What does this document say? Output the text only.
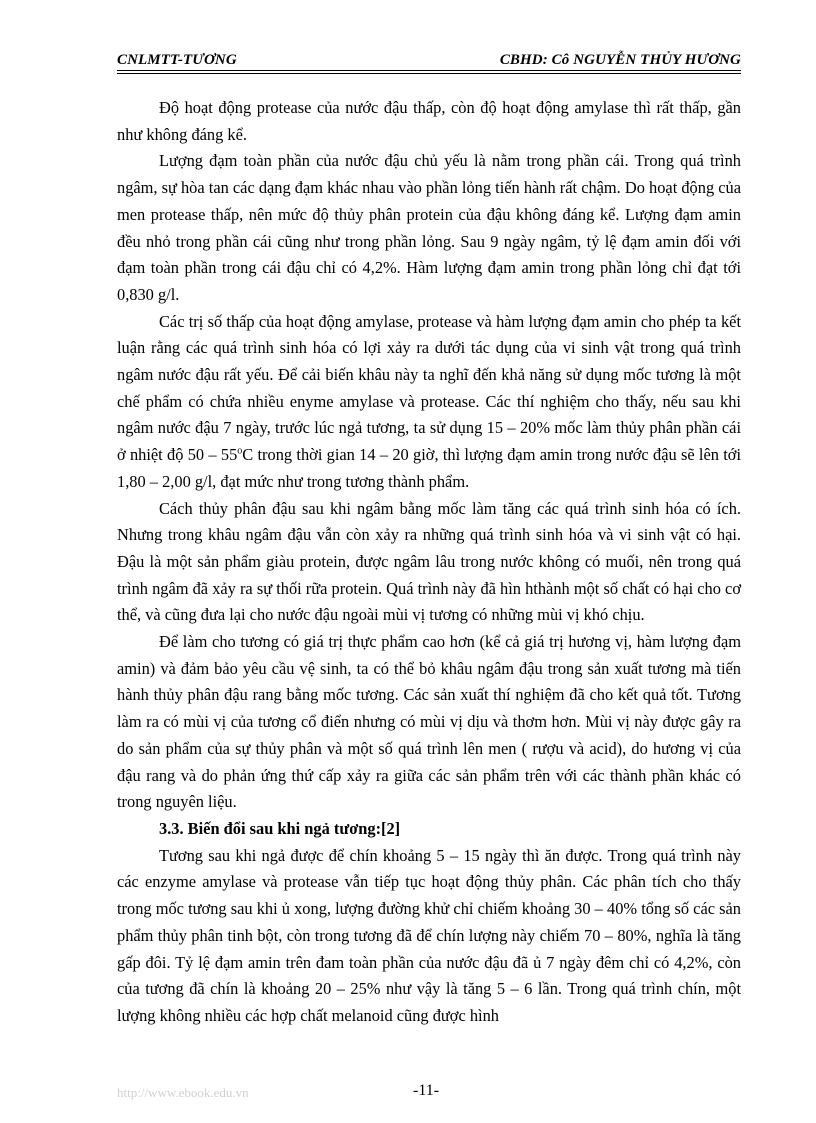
CNLMTT-TƯƠNG	CBHD: Cô NGUYỄN THỦY HƯƠNG

Độ hoạt động protease của nước đậu thấp, còn độ hoạt động amylase thì rất thấp, gần như không đáng kể.

Lượng đạm toàn phần của nước đậu chủ yếu là nằm trong phần cái. Trong quá trình ngâm, sự hòa tan các dạng đạm khác nhau vào phần lỏng tiến hành rất chậm. Do hoạt động của men protease thấp, nên mức độ thủy phân protein của đậu không đáng kể. Lượng đạm amin đều nhỏ trong phần cái cũng như trong phần lỏng. Sau 9 ngày ngâm, tỷ lệ đạm amin đối với đạm toàn phần trong cái đậu chỉ có 4,2%. Hàm lượng đạm amin trong phần lỏng chỉ đạt tới 0,830 g/l.

Các trị số thấp của hoạt động amylase, protease và hàm lượng đạm amin cho phép ta kết luận rằng các quá trình sinh hóa có lợi xảy ra dưới tác dụng của vi sinh vật trong quá trình ngâm nước đậu rất yếu. Để cải biến khâu này ta nghĩ đến khả năng sử dụng mốc tương là một chế phẩm có chứa nhiều enyme amylase và protease. Các thí nghiệm cho thấy, nếu sau khi ngâm nước đậu 7 ngày, trước lúc ngả tương, ta sử dụng 15 – 20% mốc làm thủy phân phần cái ở nhiệt độ 50 – 55$^o$C trong thời gian 14 – 20 giờ, thì lượng đạm amin trong nước đậu sẽ lên tới 1,80 – 2,00 g/l, đạt mức như trong tương thành phẩm.

Cách thủy phân đậu sau khi ngâm bằng mốc làm tăng các quá trình sinh hóa có ích. Nhưng trong khâu ngâm đậu vẫn còn xảy ra những quá trình sinh hóa và vi sinh vật có hại. Đậu là một sản phẩm giàu protein, được ngâm lâu trong nước không có muối, nên trong quá trình ngâm đã xảy ra sự thối rữa protein. Quá trình này đã hìn hthành một số chất có hại cho cơ thể, và cũng đưa lại cho nước đậu ngoài mùi vị tương có những mùi vị khó chịu.

Để làm cho tương có giá trị thực phẩm cao hơn (kể cả giá trị hương vị, hàm lượng đạm amin) và đảm bảo yêu cầu vệ sinh, ta có thể bỏ khâu ngâm đậu trong sản xuất tương mà tiến hành thủy phân đậu rang bằng mốc tương. Các sản xuất thí nghiệm đã cho kết quả tốt. Tương làm ra có mùi vị của tương cổ điển nhưng có mùi vị dịu và thơm hơn. Mùi vị này được gây ra do sản phẩm của sự thủy phân và một số quá trình lên men ( rượu và acid), do hương vị của đậu rang và do phản ứng thứ cấp xảy ra giữa các sản phẩm trên với các thành phần khác có trong nguyên liệu.

3.3. Biến đổi sau khi ngả tương:[2]

Tương sau khi ngả được để chín khoảng 5 – 15 ngày thì ăn được. Trong quá trình này các enzyme amylase và protease vẫn tiếp tục hoạt động thủy phân. Các phân tích cho thấy trong mốc tương sau khi ủ xong, lượng đường khử chỉ chiếm khoảng 30 – 40% tổng số các sản phẩm thủy phân tinh bột, còn trong tương đã để chín lượng này chiếm 70 – 80%, nghĩa là tăng gấp đôi. Tỷ lệ đạm amin trên đam toàn phần của nước đậu đã ủ 7 ngày đêm chỉ có 4,2%, còn của tương đã chín là khoảng 20 – 25% như vậy là tăng 5 – 6 lần. Trong quá trình chín, một lượng không nhiều các hợp chất melanoid cũng được hình

http://www.ebook.edu.vn	-11-
